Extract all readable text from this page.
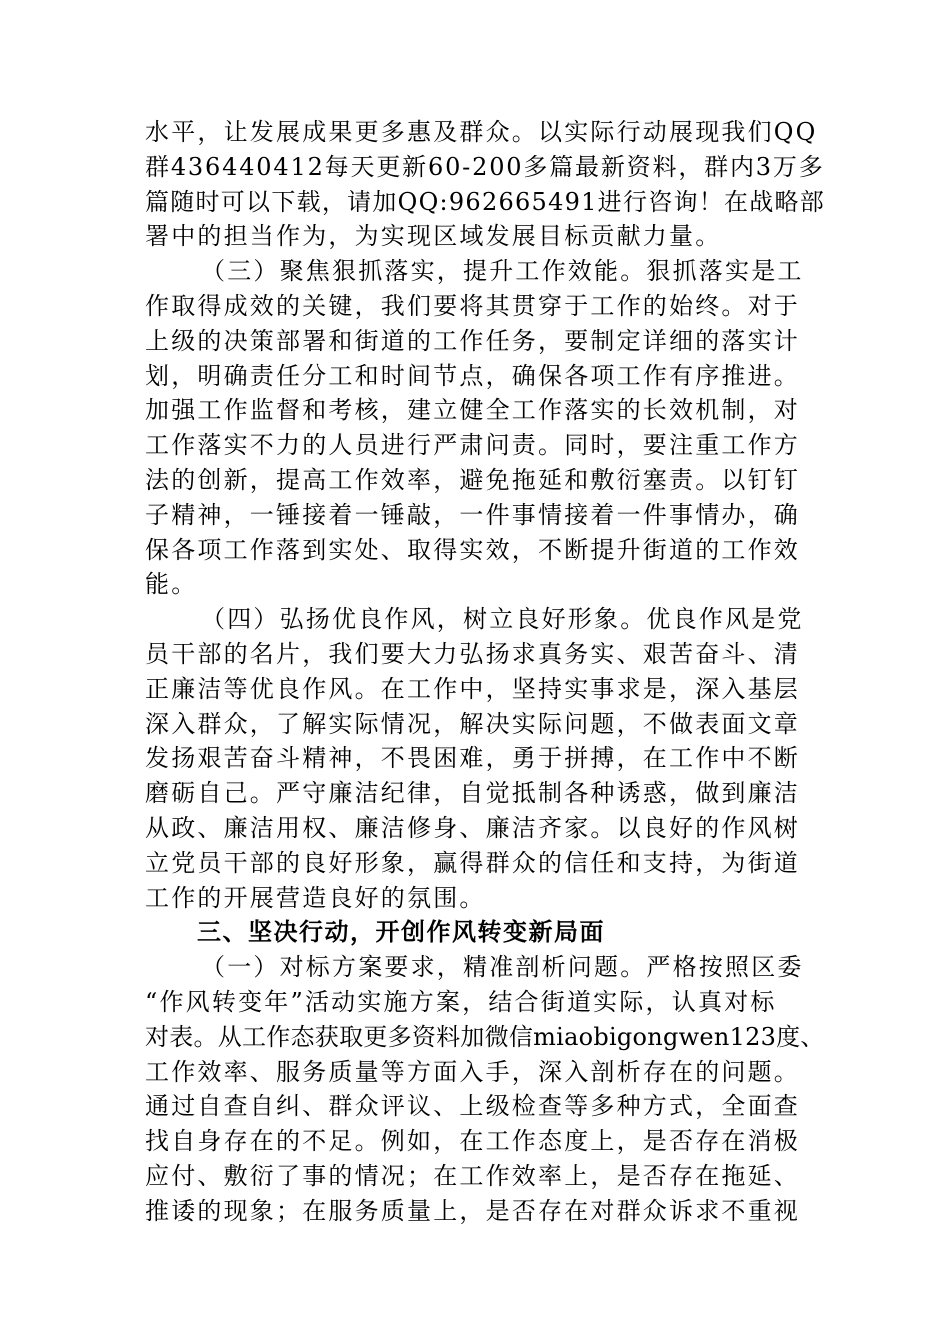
水平，让发展成果更多惠及群众。以实际行动展现我们QQ
群436440412每天更新60-200多篇最新资料，群内3万多
篇随时可以下载，请加QQ:962665491进行咨询！在战略部
署中的担当作为，为实现区域发展目标贡献力量。
（三）聚焦狠抓落实，提升工作效能。狠抓落实是工
作取得成效的关键，我们要将其贯穿于工作的始终。对于
上级的决策部署和街道的工作任务，要制定详细的落实计
划，明确责任分工和时间节点，确保各项工作有序推进。
加强工作监督和考核，建立健全工作落实的长效机制，对
工作落实不力的人员进行严肃问责。同时，要注重工作方
法的创新，提高工作效率，避免拖延和敷衍塞责。以钉钉
子精神，一锤接着一锤敲，一件事情接着一件事情办，确
保各项工作落到实处、取得实效，不断提升街道的工作效
能。
（四）弘扬优良作风，树立良好形象。优良作风是党
员干部的名片，我们要大力弘扬求真务实、艰苦奋斗、清
正廉洁等优良作风。在工作中，坚持实事求是，深入基层
深入群众，了解实际情况，解决实际问题，不做表面文章
发扬艰苦奋斗精神，不畏困难，勇于拼搏，在工作中不断
磨砺自己。严守廉洁纪律，自觉抵制各种诱惑，做到廉洁
从政、廉洁用权、廉洁修身、廉洁齐家。以良好的作风树
立党员干部的良好形象，赢得群众的信任和支持，为街道
工作的开展营造良好的氛围。
三、坚决行动，开创作风转变新局面
（一）对标方案要求，精准剖析问题。严格按照区委
“作风转变年”活动实施方案，结合街道实际，认真对标
对表。从工作态获取更多资料加微信miaobigongwen123度、
工作效率、服务质量等方面入手，深入剖析存在的问题。
通过自查自纠、群众评议、上级检查等多种方式，全面查
找自身存在的不足。例如，在工作态度上，是否存在消极
应付、敷衍了事的情况；在工作效率上，是否存在拖延、
推诿的现象；在服务质量上，是否存在对群众诉求不重视
